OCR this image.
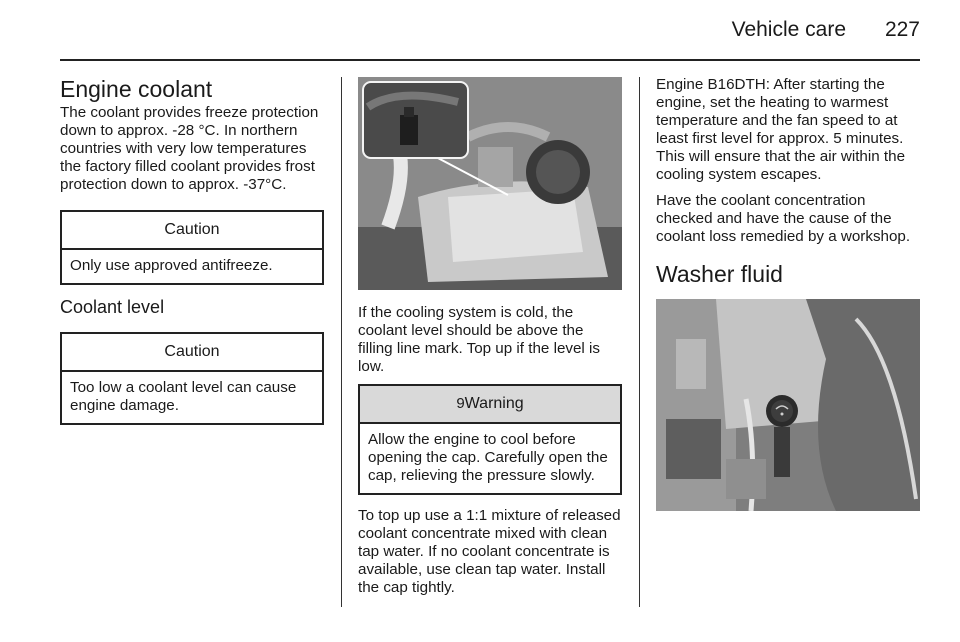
Vehicle care 227
Engine coolant

The coolant provides freeze protection down to approx. -28 °C. In northern countries with very low temperatures the factory filled coolant provides frost protection down to approx. -37°C.

Caution
Only use approved antifreeze.
Coolant level
Caution
Too low a coolant level can cause engine damage.

If the cooling system is cold, the coolant level should be above the filling line mark. Top up if the level is low.

9Warning
Allow the engine to cool before opening the cap. Carefully open the cap, relieving the pressure slowly.

To top up use a 1:1 mixture of released coolant concentrate mixed with clean tap water. If no coolant concentrate is available, use clean tap water. Install the cap tightly.

Engine B16DTH: After starting the engine, set the heating to warmest temperature and the fan speed to at least first level for approx. 5 minutes. This will ensure that the air within the cooling system escapes.

Have the coolant concentration checked and have the cause of the coolant loss remedied by a workshop.

Washer fluid
